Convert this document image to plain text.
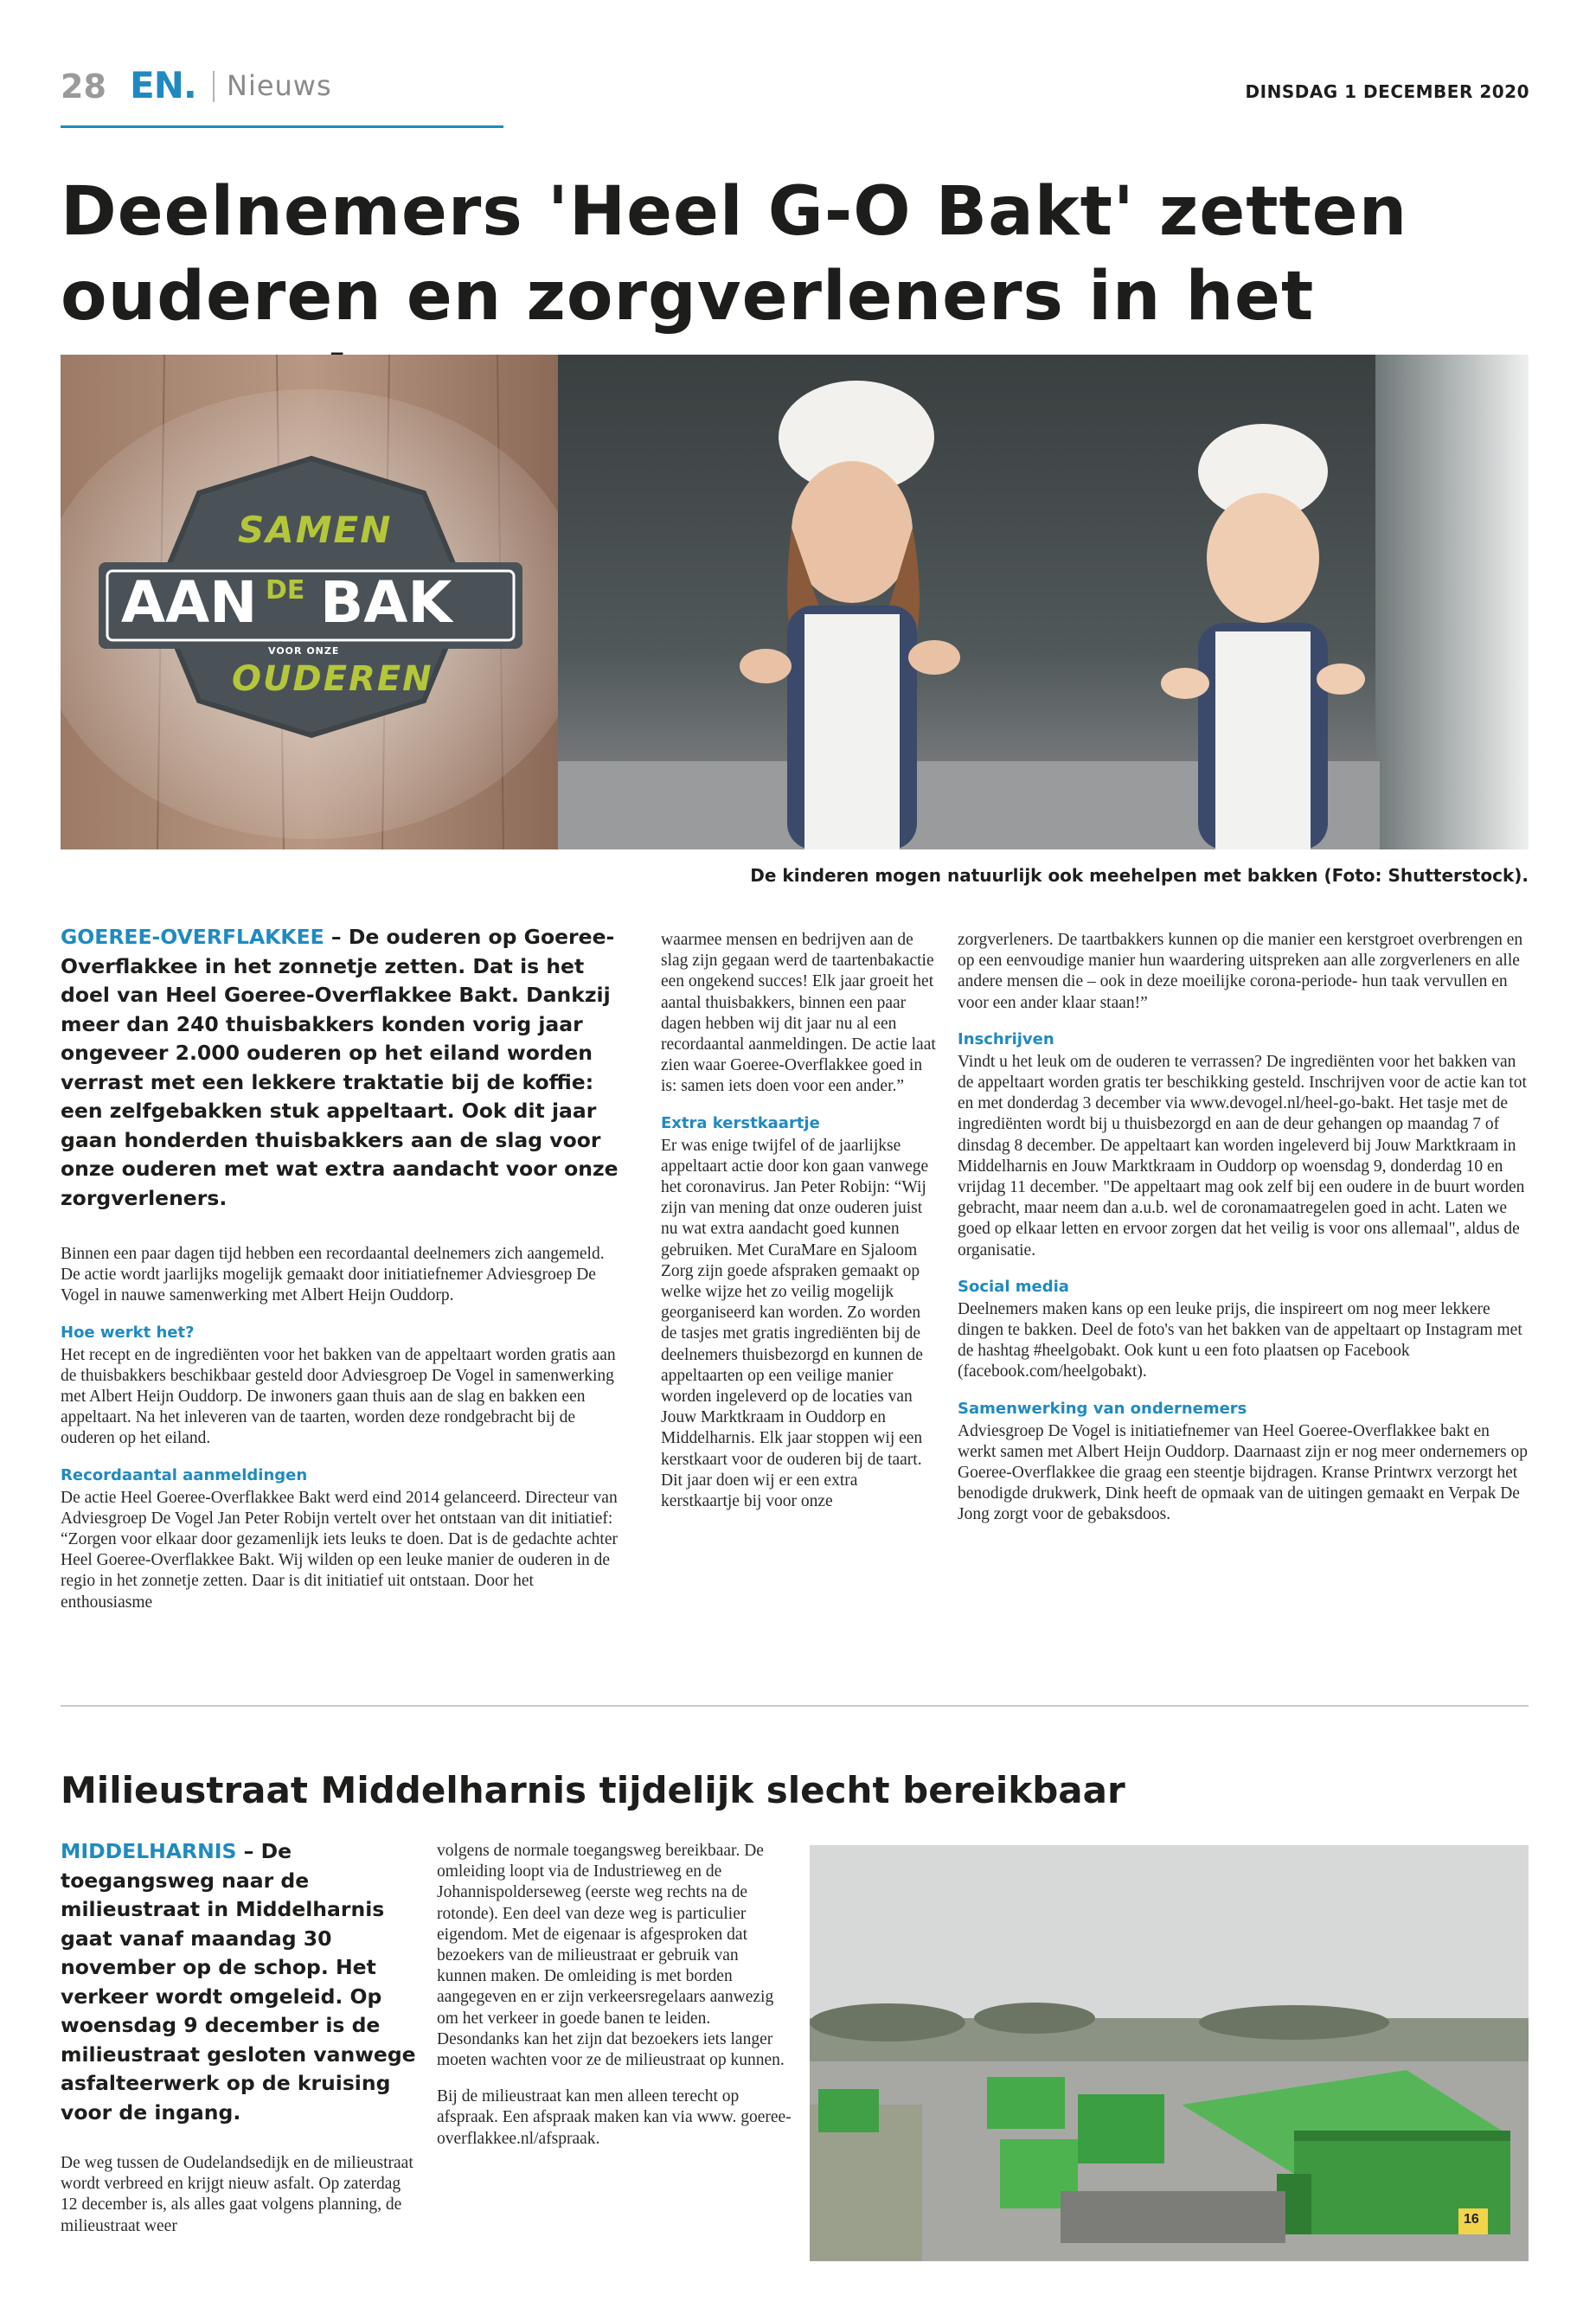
28 EN. Nieuws	DINSDAG 1 DECEMBER 2020
Deelnemers 'Heel G-O Bakt' zetten
ouderen en zorgverleners in het
SAMEN
AAN DE BAK
VOOR ONZE
OUDEREN
De kinderen mogen natuurlijk ook meehelpen met bakken (Foto: Shutterstock).

GOEREE-OVERFLAKKEE – De ouderen op Goeree-Overflakkee in het zonnetje zetten. Dat is het doel van Heel Goeree-Overflakkee Bakt. Dankzij meer dan 240 thuisbakkers konden vorig jaar ongeveer 2.000 ouderen op het eiland worden verrast met een lekkere traktatie bij de koffie: een zelfgebakken stuk appeltaart. Ook dit jaar gaan honderden thuisbakkers aan de slag voor onze ouderen met wat extra aandacht voor onze zorgverleners.

Binnen een paar dagen tijd hebben een recordaantal deelnemers zich aangemeld. De actie wordt jaarlijks mogelijk gemaakt door initiatiefnemer Adviesgroep De Vogel in nauwe samenwerking met Albert Heijn Ouddorp.

Hoe werkt het?

Het recept en de ingrediënten voor het bakken van de appeltaart worden gratis aan de thuisbakkers beschikbaar gesteld door Adviesgroep De Vogel in samenwerking met Albert Heijn Ouddorp. De inwoners gaan thuis aan de slag en bakken een appeltaart. Na het inleveren van de taarten, worden deze rondgebracht bij de ouderen op het eiland.

Recordaantal aanmeldingen

De actie Heel Goeree-Overflakkee Bakt werd eind 2014 gelanceerd. Directeur van Adviesgroep De Vogel Jan Peter Robijn vertelt over het ontstaan van dit initiatief: “Zorgen voor elkaar door gezamenlijk iets leuks te doen. Dat is de gedachte achter Heel Goeree-Overflakkee Bakt. Wij wilden op een leuke manier de ouderen in de regio in het zonnetje zetten. Daar is dit initiatief uit ontstaan. Door het enthousiasme

waarmee mensen en bedrijven aan de slag zijn gegaan werd de taartenbakactie een ongekend succes! Elk jaar groeit het aantal thuisbakkers, binnen een paar dagen hebben wij dit jaar nu al een recordaantal aanmeldingen. De actie laat zien waar Goeree-Overflakkee goed in is: samen iets doen voor een ander.”

Extra kerstkaartje

Er was enige twijfel of de jaarlijkse appeltaart actie door kon gaan vanwege het coronavirus. Jan Peter Robijn: “Wij zijn van mening dat onze ouderen juist nu wat extra aandacht goed kunnen gebruiken. Met CuraMare en Sjaloom Zorg zijn goede afspraken gemaakt op welke wijze het zo veilig mogelijk georganiseerd kan worden. Zo worden de tasjes met gratis ingrediënten bij de deelnemers thuisbezorgd en kunnen de appeltaarten op een veilige manier worden ingeleverd op de locaties van Jouw Marktkraam in Ouddorp en Middelharnis. Elk jaar stoppen wij een kerstkaart voor de ouderen bij de taart. Dit jaar doen wij er een extra kerstkaartje bij voor onze

zorgverleners. De taartbakkers kunnen op die manier een kerstgroet overbrengen en op een eenvoudige manier hun waardering uitspreken aan alle zorgverleners en alle andere mensen die – ook in deze moeilijke corona-periode- hun taak vervullen en voor een ander klaar staan!”

Inschrijven

Vindt u het leuk om de ouderen te verrassen? De ingrediënten voor het bakken van de appeltaart worden gratis ter beschikking gesteld. Inschrijven voor de actie kan tot en met donderdag 3 december via www.devogel.nl/heel-go-bakt. Het tasje met de ingrediënten wordt bij u thuisbezorgd en aan de deur gehangen op maandag 7 of dinsdag 8 december. De appeltaart kan worden ingeleverd bij Jouw Marktkraam in Middelharnis en Jouw Marktkraam in Ouddorp op woensdag 9, donderdag 10 en vrijdag 11 december. "De appeltaart mag ook zelf bij een oudere in de buurt worden gebracht, maar neem dan a.u.b. wel de coronamaatregelen goed in acht. Laten we goed op elkaar letten en ervoor zorgen dat het veilig is voor ons allemaal", aldus de organisatie.

Social media

Deelnemers maken kans op een leuke prijs, die inspireert om nog meer lekkere dingen te bakken. Deel de foto's van het bakken van de appeltaart op Instagram met de hashtag #heelgobakt. Ook kunt u een foto plaatsen op Facebook (facebook.com/heelgobakt).

Samenwerking van ondernemers

Adviesgroep De Vogel is initiatiefnemer van Heel Goeree-Overflakkee bakt en werkt samen met Albert Heijn Ouddorp. Daarnaast zijn er nog meer ondernemers op Goeree-Overflakkee die graag een steentje bijdragen. Kranse Printwrx verzorgt het benodigde drukwerk, Dink heeft de opmaak van de uitingen gemaakt en Verpak De Jong zorgt voor de gebaksdoos.

Milieustraat Middelharnis tijdelijk slecht bereikbaar

MIDDELHARNIS – De toegangsweg naar de milieustraat in Middelharnis gaat vanaf maandag 30 november op de schop. Het verkeer wordt omgeleid. Op woensdag 9 december is de milieustraat gesloten vanwege asfalteerwerk op de kruising voor de ingang.

De weg tussen de Oudelandsedijk en de milieustraat wordt verbreed en krijgt nieuw asfalt. Op zaterdag 12 december is, als alles gaat volgens planning, de milieustraat weer

volgens de normale toegangsweg bereikbaar. De omleiding loopt via de Industrieweg en de Johannispolderseweg (eerste weg rechts na de rotonde). Een deel van deze weg is particulier eigendom. Met de eigenaar is afgesproken dat bezoekers van de milieustraat er gebruik van kunnen maken. De omleiding is met borden aangegeven en er zijn verkeersregelaars aanwezig om het verkeer in goede banen te leiden. Desondanks kan het zijn dat bezoekers iets langer moeten wachten voor ze de milieustraat op kunnen.

Bij de milieustraat kan men alleen terecht op afspraak. Een afspraak maken kan via www. goeree-overflakkee.nl/afspraak.

16
